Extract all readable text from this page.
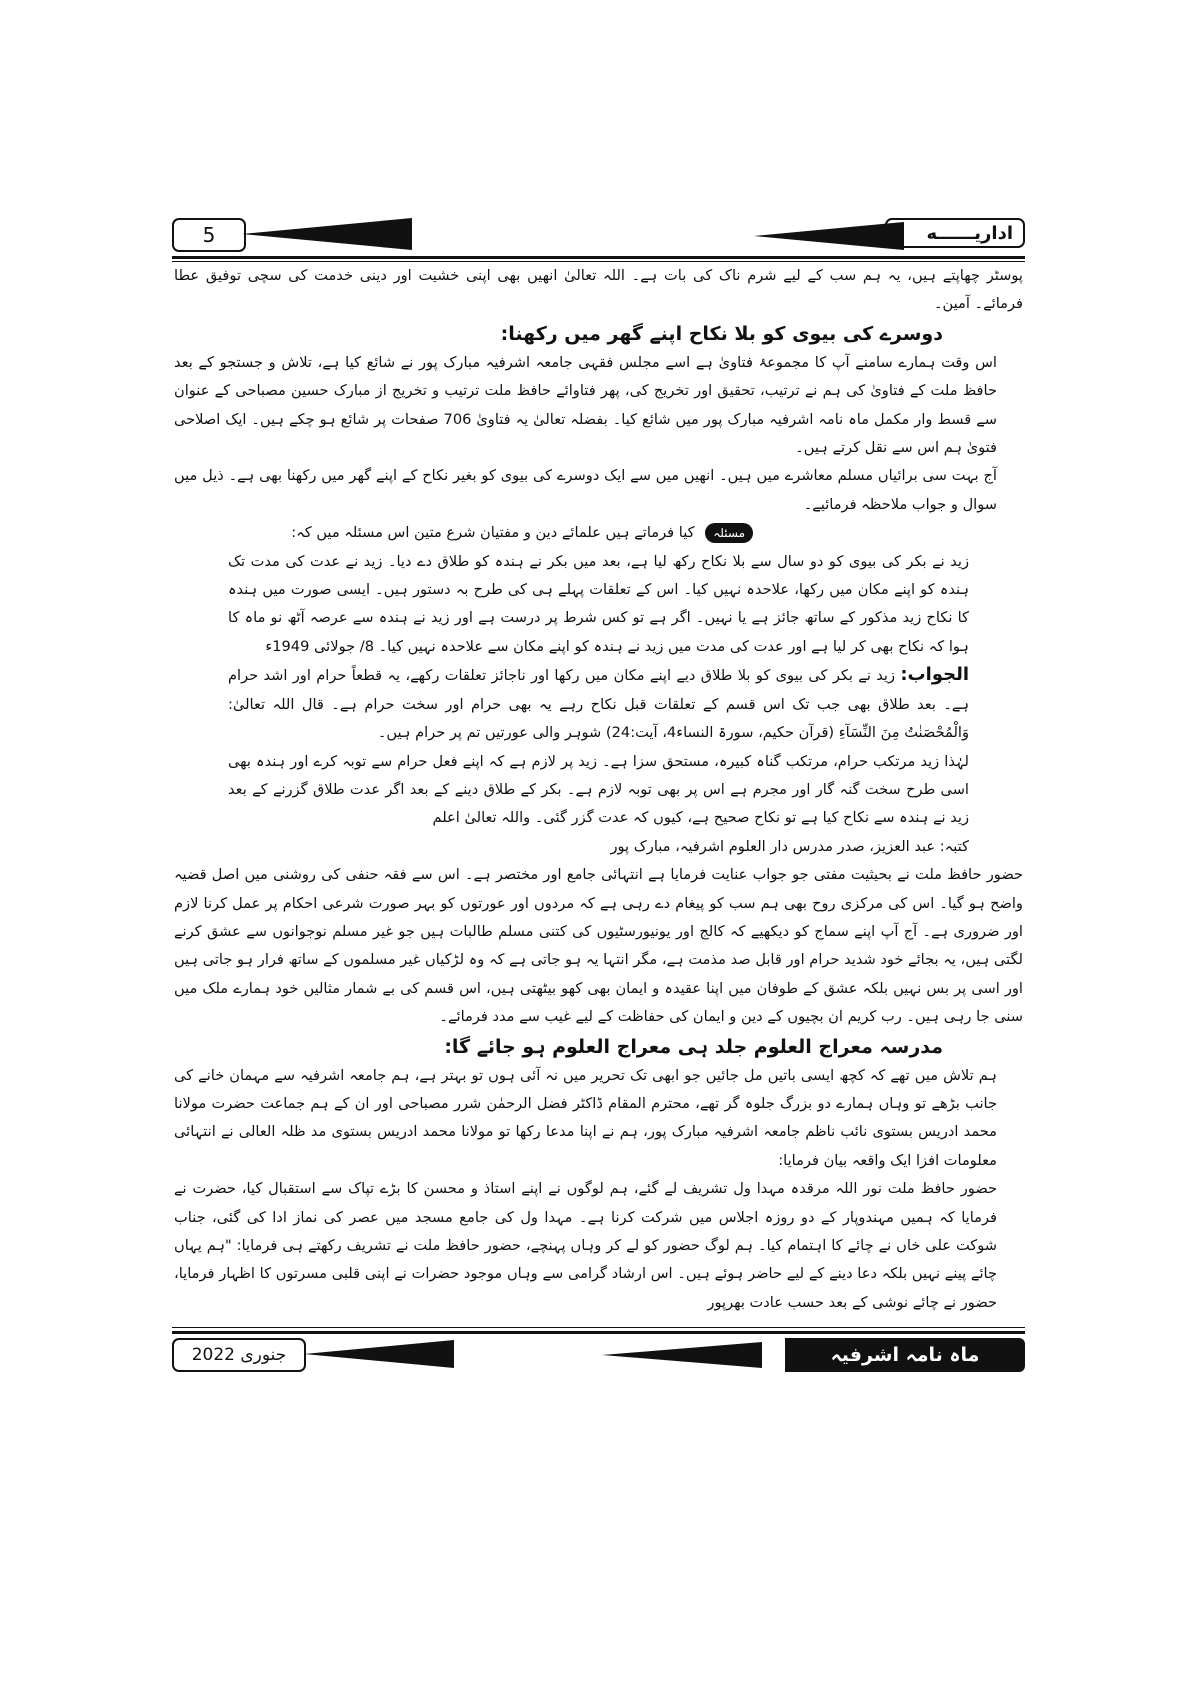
5	اداریــــــه

پوسٹر چھاپتے ہیں، یہ ہم سب کے لیے شرم ناک کی بات ہے۔ اللہ تعالیٰ انھیں بھی اپنی خشیت اور دینی خدمت کی سچی توفیق عطا فرمائے۔ آمین۔

دوسرے کی بیوی کو بلا نکاح اپنے گھر میں رکھنا:

اس وقت ہمارے سامنے آپ کا مجموعۂ فتاویٰ ہے اسے مجلس فقہی جامعہ اشرفیہ مبارک پور نے شائع کیا ہے، تلاش و جستجو کے بعد حافظ ملت کے فتاویٰ کی ہم نے ترتیب، تحقیق اور تخریج کی، پھر فتاوائے حافظ ملت ترتیب و تخریج از مبارک حسین مصباحی کے عنوان سے قسط وار مکمل ماہ نامہ اشرفیہ مبارک پور میں شائع کیا۔ بفضلہ تعالیٰ یہ فتاویٰ 706 صفحات پر شائع ہو چکے ہیں۔ ایک اصلاحی فتویٰ ہم اس سے نقل کرتے ہیں۔

آج بہت سی برائیاں مسلم معاشرے میں ہیں۔ انھیں میں سے ایک دوسرے کی بیوی کو بغیر نکاح کے اپنے گھر میں رکھنا بھی ہے۔ ذیل میں سوال و جواب ملاحظہ فرمائیے۔

مسئلہ کیا فرماتے ہیں علمائے دین و مفتیان شرع متین اس مسئلہ میں کہ:

زید نے بکر کی بیوی کو دو سال سے بلا نکاح رکھ لیا ہے، بعد میں بکر نے ہندہ کو طلاق دے دیا۔ زید نے عدت کی مدت تک ہندہ کو اپنے مکان میں رکھا، علاحدہ نہیں کیا۔ اس کے تعلقات پہلے ہی کی طرح بہ دستور ہیں۔ ایسی صورت میں ہندہ کا نکاح زید مذکور کے ساتھ جائز ہے یا نہیں۔ اگر ہے تو کس شرط پر درست ہے اور زید نے ہندہ سے عرصہ آٹھ نو ماہ کا ہوا کہ نکاح بھی کر لیا ہے اور عدت کی مدت میں زید نے ہندہ کو اپنے مکان سے علاحدہ نہیں کیا۔ 8/ جولائی 1949ء

الجواب: زید نے بکر کی بیوی کو بلا طلاق دیے اپنے مکان میں رکھا اور ناجائز تعلقات رکھے، یہ قطعاً حرام اور اشد حرام ہے۔ بعد طلاق بھی جب تک اس قسم کے تعلقات قبل نکاح رہے یہ بھی حرام اور سخت حرام ہے۔ قال اللہ تعالیٰ: وَالْمُحْصَنٰتُ مِنَ النِّسَآءِ (قرآن حکیم، سورۃ النساء4، آیت:24) شوہر والی عورتیں تم پر حرام ہیں۔

لہٰذا زید مرتکب حرام، مرتکب گناہ کبیرہ، مستحق سزا ہے۔ زید پر لازم ہے کہ اپنے فعل حرام سے توبہ کرے اور ہندہ بھی اسی طرح سخت گنہ گار اور مجرم ہے اس پر بھی توبہ لازم ہے۔ بکر کے طلاق دینے کے بعد اگر عدت طلاق گزرنے کے بعد زید نے ہندہ سے نکاح کیا ہے تو نکاح صحیح ہے، کیوں کہ عدت گزر گئی۔ واللہ تعالیٰ اعلم

کتبہ: عبد العزیز، صدر مدرس دار العلوم اشرفیہ، مبارک پور

حضور حافظ ملت نے بحیثیت مفتی جو جواب عنایت فرمایا ہے انتہائی جامع اور مختصر ہے۔ اس سے فقہ حنفی کی روشنی میں اصل قضیہ واضح ہو گیا۔ اس کی مرکزی روح بھی ہم سب کو پیغام دے رہی ہے کہ مردوں اور عورتوں کو بہر صورت شرعی احکام پر عمل کرنا لازم اور ضروری ہے۔ آج آپ اپنے سماج کو دیکھیے کہ کالج اور یونیورسٹیوں کی کتنی مسلم طالبات ہیں جو غیر مسلم نوجوانوں سے عشق کرنے لگتی ہیں، یہ بجائے خود شدید حرام اور قابل صد مذمت ہے، مگر انتہا یہ ہو جاتی ہے کہ وہ لڑکیاں غیر مسلموں کے ساتھ فرار ہو جاتی ہیں اور اسی پر بس نہیں بلکہ عشق کے طوفان میں اپنا عقیدہ و ایمان بھی کھو بیٹھتی ہیں، اس قسم کی بے شمار مثالیں خود ہمارے ملک میں سنی جا رہی ہیں۔ رب کریم ان بچیوں کے دین و ایمان کی حفاظت کے لیے غیب سے مدد فرمائے۔

مدرسہ معراج العلوم جلد ہی معراج العلوم ہو جائے گا:

ہم تلاش میں تھے کہ کچھ ایسی باتیں مل جائیں جو ابھی تک تحریر میں نہ آئی ہوں تو بہتر ہے، ہم جامعہ اشرفیہ سے مہمان خانے کی جانب بڑھے تو وہاں ہمارے دو بزرگ جلوہ گر تھے، محترم المقام ڈاکٹر فضل الرحمٰن شرر مصباحی اور ان کے ہم جماعت حضرت مولانا محمد ادریس بستوی نائب ناظم جامعہ اشرفیہ مبارک پور، ہم نے اپنا مدعا رکھا تو مولانا محمد ادریس بستوی مد ظلہ العالی نے انتہائی معلومات افزا ایک واقعہ بیان فرمایا:

حضور حافظ ملت نور اللہ مرقدہ مہدا ول تشریف لے گئے، ہم لوگوں نے اپنے استاذ و محسن کا بڑے تپاک سے استقبال کیا، حضرت نے فرمایا کہ ہمیں مہندوپار کے دو روزہ اجلاس میں شرکت کرنا ہے۔ مہدا ول کی جامع مسجد میں عصر کی نماز ادا کی گئی، جناب شوکت علی خاں نے چائے کا اہتمام کیا۔ ہم لوگ حضور کو لے کر وہاں پہنچے، حضور حافظ ملت نے تشریف رکھتے ہی فرمایا: "ہم یہاں چائے پینے نہیں بلکہ دعا دینے کے لیے حاضر ہوئے ہیں۔ اس ارشاد گرامی سے وہاں موجود حضرات نے اپنی قلبی مسرتوں کا اظہار فرمایا، حضور نے چائے نوشی کے بعد حسب عادت بھرپور

جنوری 2022	ماہ نامہ اشرفیہ
